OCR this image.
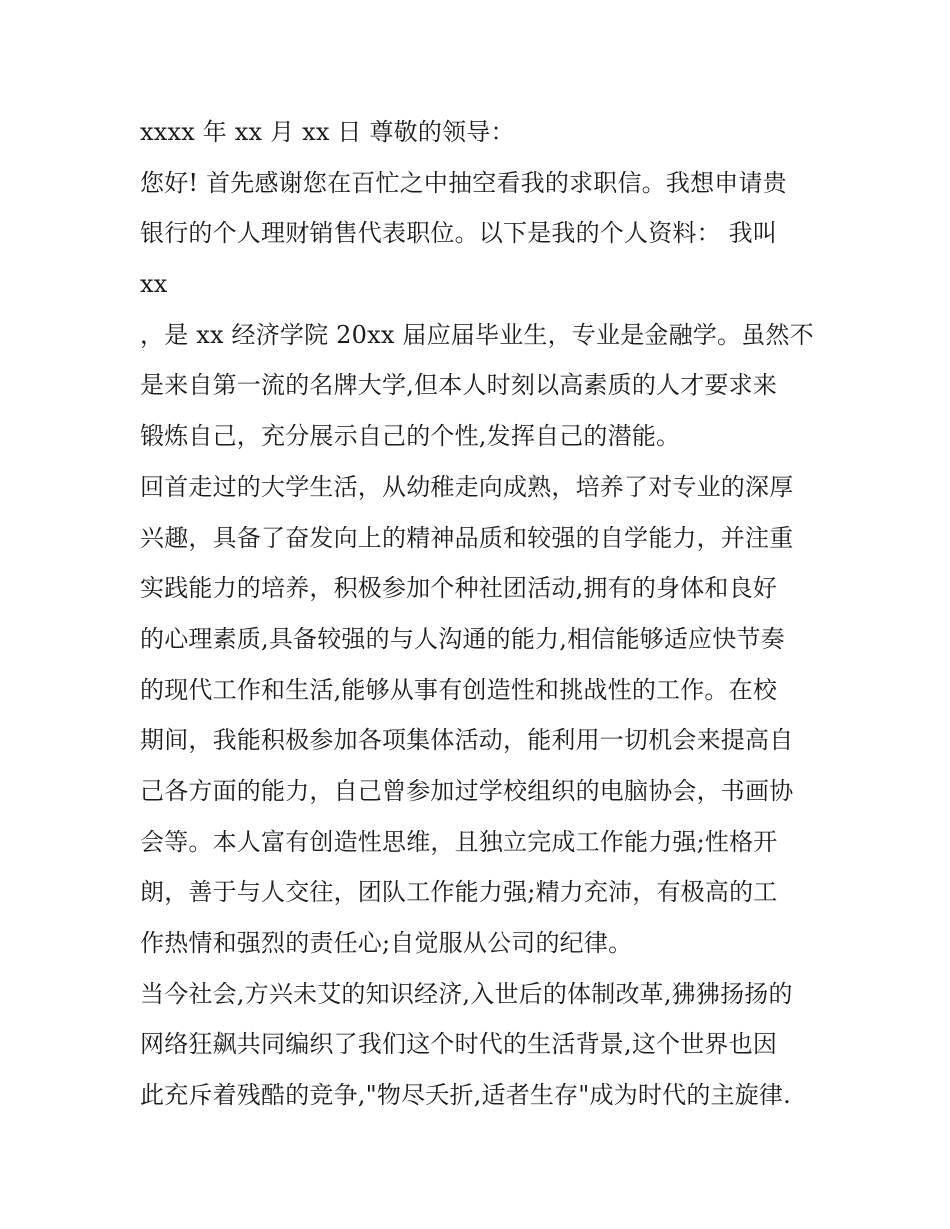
xxxx 年 xx 月 xx 日 尊敬的领导：
您好! 首先感谢您在百忙之中抽空看我的求职信。我想申请贵
银行的个人理财销售代表职位。以下是我的个人资料： 我叫
xx
，是 xx 经济学院 20xx 届应届毕业生，专业是金融学。虽然不
是来自第一流的名牌大学,但本人时刻以高素质的人才要求来
锻炼自己，充分展示自己的个性,发挥自己的潜能。
回首走过的大学生活，从幼稚走向成熟，培养了对专业的深厚
兴趣，具备了奋发向上的精神品质和较强的自学能力，并注重
实践能力的培养，积极参加个种社团活动,拥有的身体和良好
的心理素质,具备较强的与人沟通的能力,相信能够适应快节奏
的现代工作和生活,能够从事有创造性和挑战性的工作。在校
期间，我能积极参加各项集体活动，能利用一切机会来提高自
己各方面的能力，自己曾参加过学校组织的电脑协会，书画协
会等。本人富有创造性思维，且独立完成工作能力强;性格开
朗，善于与人交往，团队工作能力强;精力充沛，有极高的工
作热情和强烈的责任心;自觉服从公司的纪律。
当今社会,方兴未艾的知识经济,入世后的体制改革,狒狒扬扬的
网络狂飙共同编织了我们这个时代的生活背景,这个世界也因
此充斥着残酷的竞争,"物尽夭折,适者生存"成为时代的主旋律.
